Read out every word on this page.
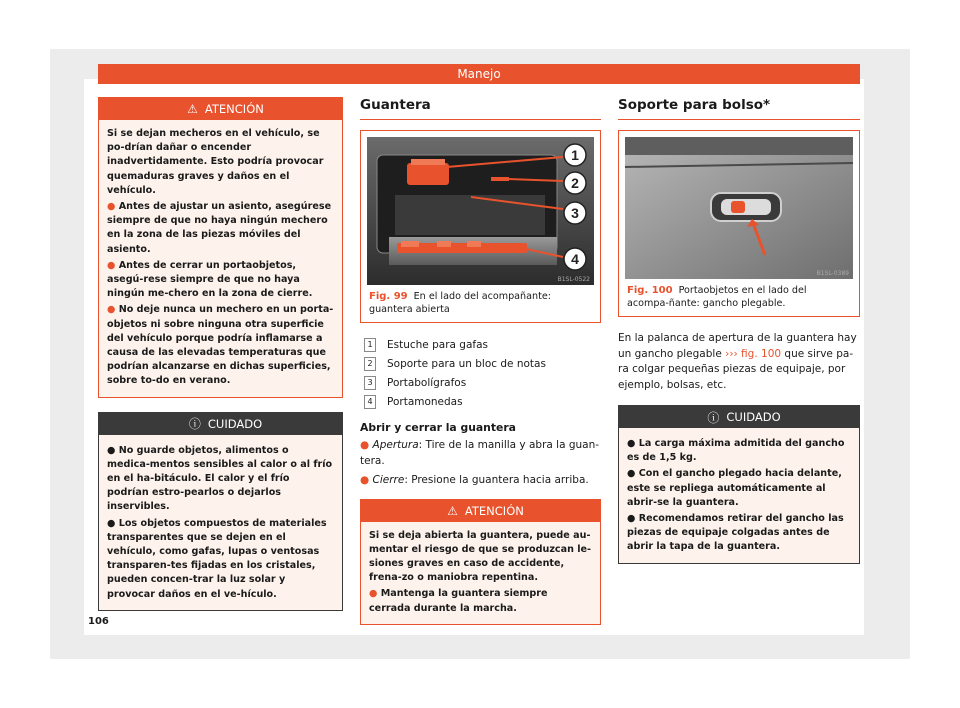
Manejo
⚠ ATENCIÓN

Si se dejan mecheros en el vehículo, se po-drían dañar o encender inadvertidamente. Esto podría provocar quemaduras graves y daños en el vehículo.

● Antes de ajustar un asiento, asegúrese siempre de que no haya ningún mechero en la zona de las piezas móviles del asiento.

● Antes de cerrar un portaobjetos, asegú-rese siempre de que no haya ningún me-chero en la zona de cierre.

● No deje nunca un mechero en un porta-objetos ni sobre ninguna otra superficie del vehículo porque podría inflamarse a causa de las elevadas temperaturas que podrían alcanzarse en dichas superficies, sobre to-do en verano.

ⓘ CUIDADO

● No guarde objetos, alimentos o medica-mentos sensibles al calor o al frío en el ha-bitáculo. El calor y el frío podrían estro-pearlos o dejarlos inservibles.

● Los objetos compuestos de materiales transparentes que se dejen en el vehículo, como gafas, lupas o ventosas transparen-tes fijadas en los cristales, pueden concen-trar la luz solar y provocar daños en el ve-hículo.

Guantera
1
2
3
4
B1SL-0522
Fig. 99 En el lado del acompañante: guantera abierta
1	Estuche para gafas
2	Soporte para un bloc de notas
3	Portabolígrafos
4	Portamonedas
Abrir y cerrar la guantera
● Apertura: Tire de la manilla y abra la guan-tera.
● Cierre: Presione la guantera hacia arriba.
⚠ ATENCIÓN

Si se deja abierta la guantera, puede au-mentar el riesgo de que se produzcan le-siones graves en caso de accidente, frena-zo o maniobra repentina.

● Mantenga la guantera siempre cerrada durante la marcha.

Soporte para bolso*
B1SL-0389
Fig. 100 Portaobjetos en el lado del acompa-ñante: gancho plegable.
En la palanca de apertura de la guantera hay un gancho plegable ››› fig. 100 que sirve pa-ra colgar pequeñas piezas de equipaje, por ejemplo, bolsas, etc.
ⓘ CUIDADO

● La carga máxima admitida del gancho es de 1,5 kg.

● Con el gancho plegado hacia delante, este se repliega automáticamente al abrir-se la guantera.

● Recomendamos retirar del gancho las piezas de equipaje colgadas antes de abrir la tapa de la guantera.

106
